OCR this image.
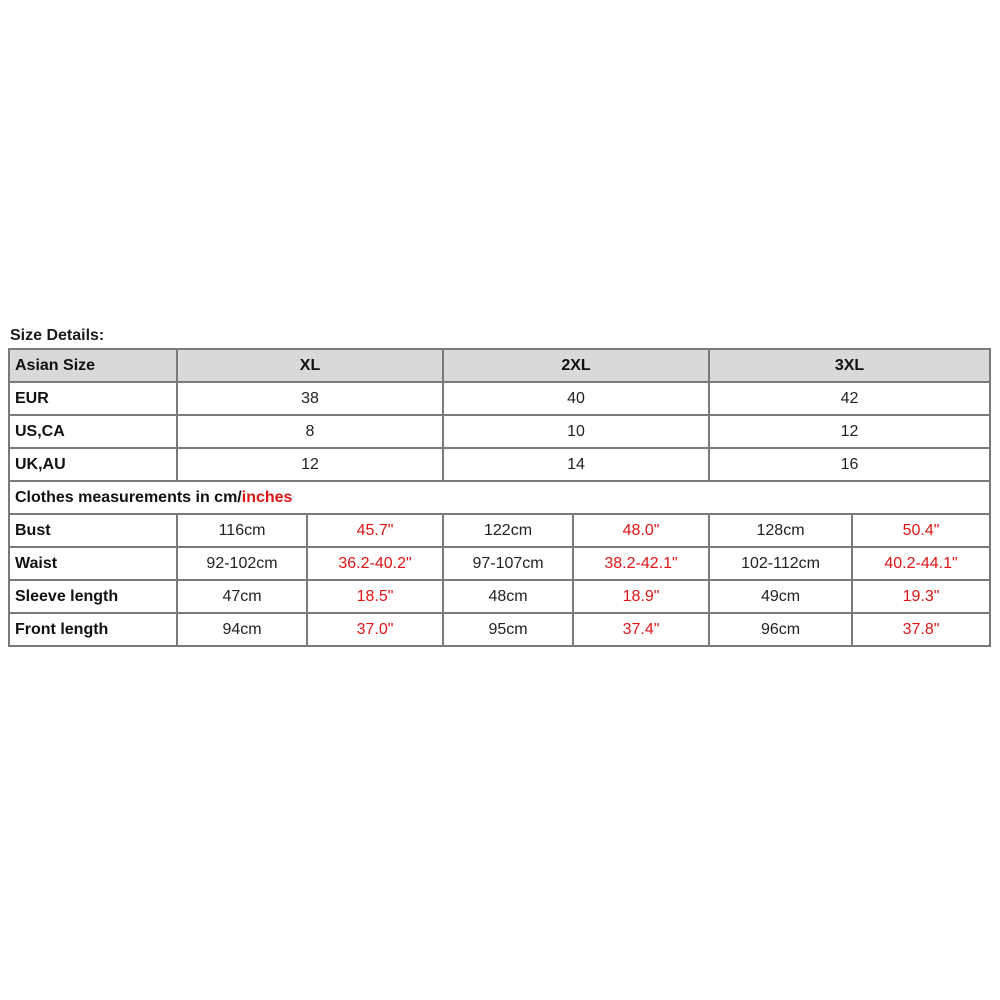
Size Details:
Asian Size	XL		2XL		3XL	
EUR	38		40		42	
US,CA	8		10		12	
UK,AU	12		14		16	
Clothes measurements in cm/inches						
Bust	116cm	45.7"	122cm	48.0"	128cm	50.4"
Waist	92-102cm	36.2-40.2"	97-107cm	38.2-42.1"	102-112cm	40.2-44.1"
Sleeve length	47cm	18.5"	48cm	18.9"	49cm	19.3"
Front length	94cm	37.0"	95cm	37.4"	96cm	37.8"
